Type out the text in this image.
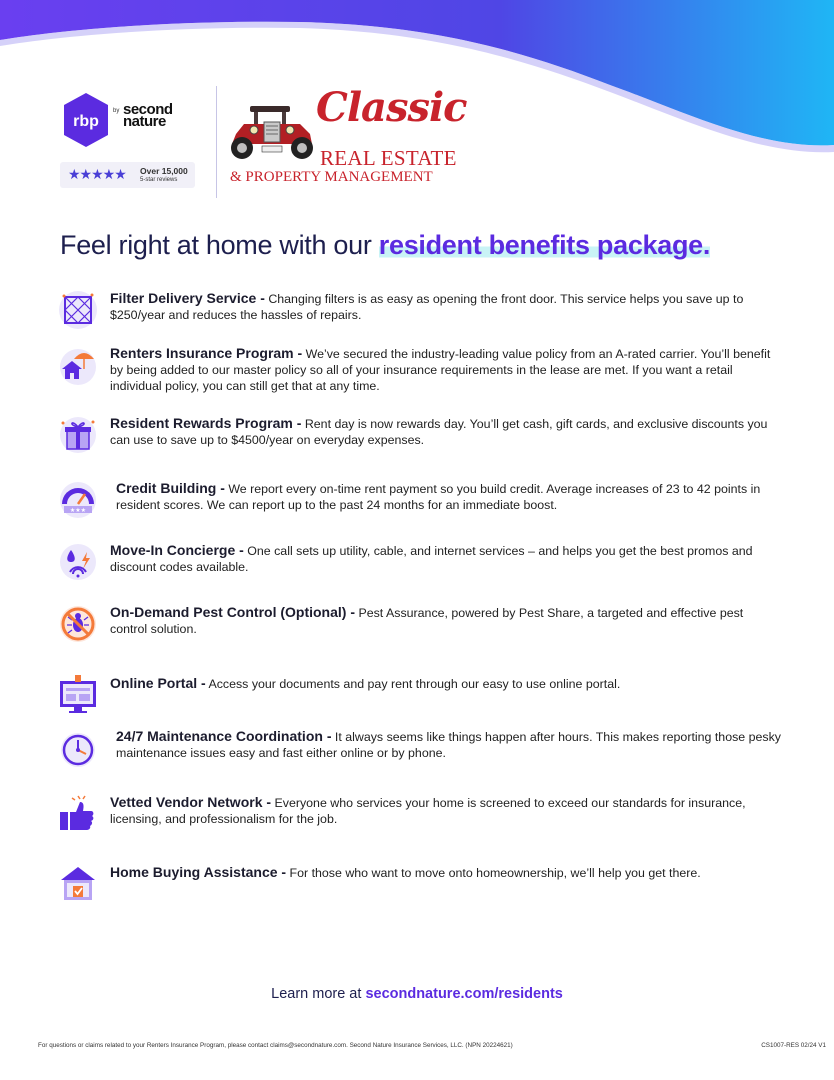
rbp
by second nature
★★★★★ Over 15,000
5-star reviews
Classic
REAL ESTATE
& PROPERTY MANAGEMENT
Feel right at home with our resident benefits package.
Filter Delivery Service - Changing filters is as easy as opening the front door. This service helps you save up to $250/year and reduces the hassles of repairs.
Renters Insurance Program - We’ve secured the industry-leading value policy from an A-rated carrier. You’ll benefit by being added to our master policy so all of your insurance requirements in the lease are met. If you want a retail individual policy, you can still get that at any time.
Resident Rewards Program - Rent day is now rewards day. You’ll get cash, gift cards, and exclusive discounts you can use to save up to $4500/year on everyday expenses.
★★★
Credit Building - We report every on-time rent payment so you build credit. Average increases of 23 to 42 points in resident scores. We can report up to the past 24 months for an immediate boost.
Move-In Concierge - One call sets up utility, cable, and internet services – and helps you get the best promos and discount codes available.
On-Demand Pest Control (Optional) - Pest Assurance, powered by Pest Share, a targeted and effective pest control solution.
Online Portal - Access your documents and pay rent through our easy to use online portal.
24/7 Maintenance Coordination - It always seems like things happen after hours. This makes reporting those pesky maintenance issues easy and fast either online or by phone.
Vetted Vendor Network - Everyone who services your home is screened to exceed our standards for insurance, licensing, and professionalism for the job.
Home Buying Assistance - For those who want to move onto homeownership, we’ll help you get there.
Learn more at secondnature.com/residents
For questions or claims related to your Renters Insurance Program, please contact claims@secondnature.com. Second Nature Insurance Services, LLC. (NPN 20224621)	CS1007-RES 02/24 V1
